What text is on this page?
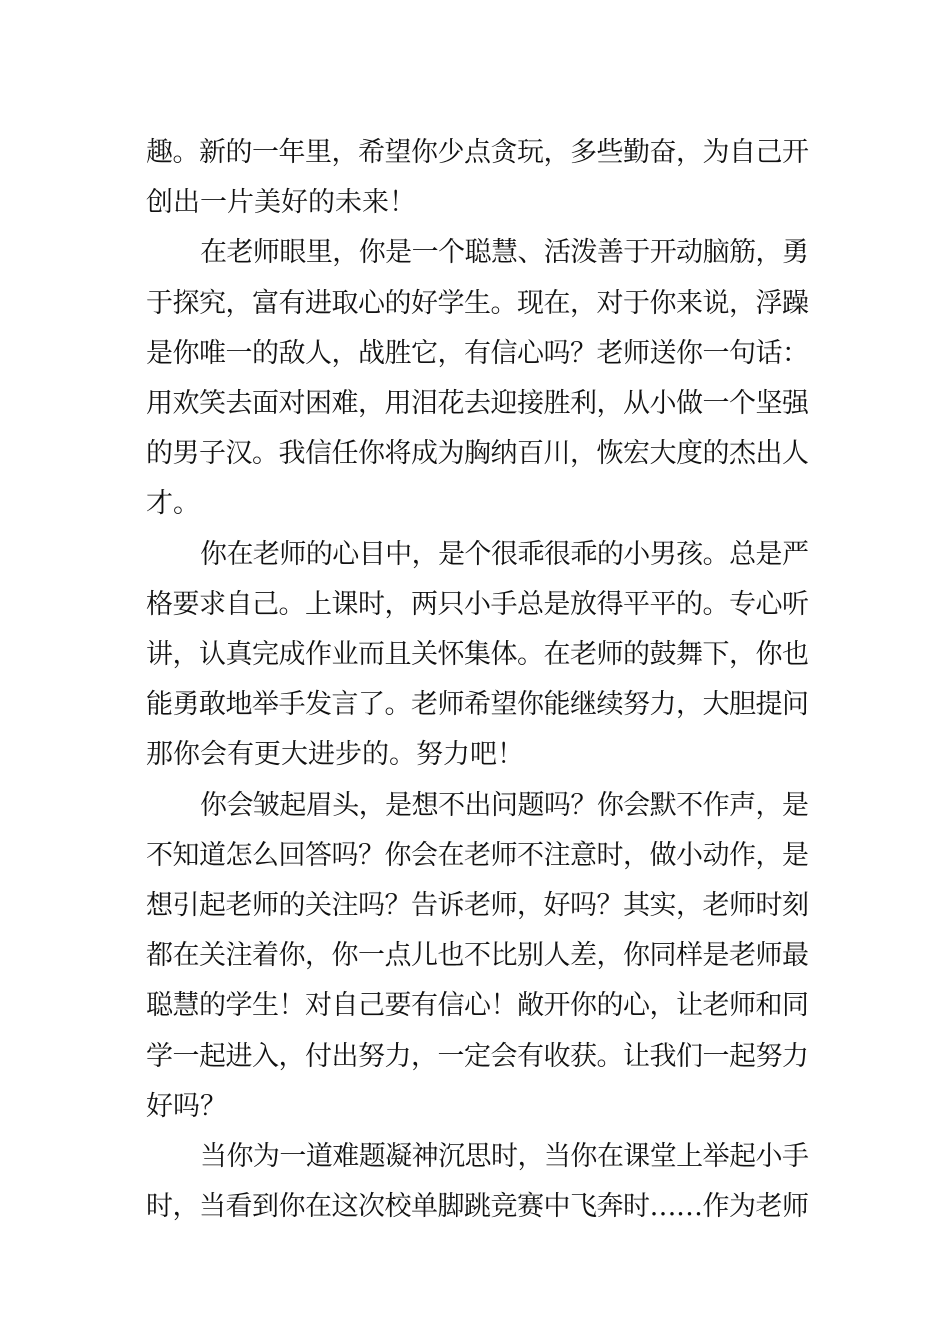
趣。新的一年里，希望你少点贪玩，多些勤奋，为自己开
创出一片美好的未来！
在老师眼里，你是一个聪慧、活泼善于开动脑筋，勇
于探究，富有进取心的好学生。现在，对于你来说，浮躁
是你唯一的敌人，战胜它，有信心吗？老师送你一句话：
用欢笑去面对困难，用泪花去迎接胜利，从小做一个坚强
的男子汉。我信任你将成为胸纳百川，恢宏大度的杰出人
才。
你在老师的心目中，是个很乖很乖的小男孩。总是严
格要求自己。上课时，两只小手总是放得平平的。专心听
讲，认真完成作业而且关怀集体。在老师的鼓舞下，你也
能勇敢地举手发言了。老师希望你能继续努力，大胆提问
那你会有更大进步的。努力吧！
你会皱起眉头，是想不出问题吗？你会默不作声，是
不知道怎么回答吗？你会在老师不注意时，做小动作，是
想引起老师的关注吗？告诉老师，好吗？其实，老师时刻
都在关注着你，你一点儿也不比别人差，你同样是老师最
聪慧的学生！对自己要有信心！敞开你的心，让老师和同
学一起进入，付出努力，一定会有收获。让我们一起努力
好吗？
当你为一道难题凝神沉思时，当你在课堂上举起小手
时，当看到你在这次校单脚跳竞赛中飞奔时……作为老师
